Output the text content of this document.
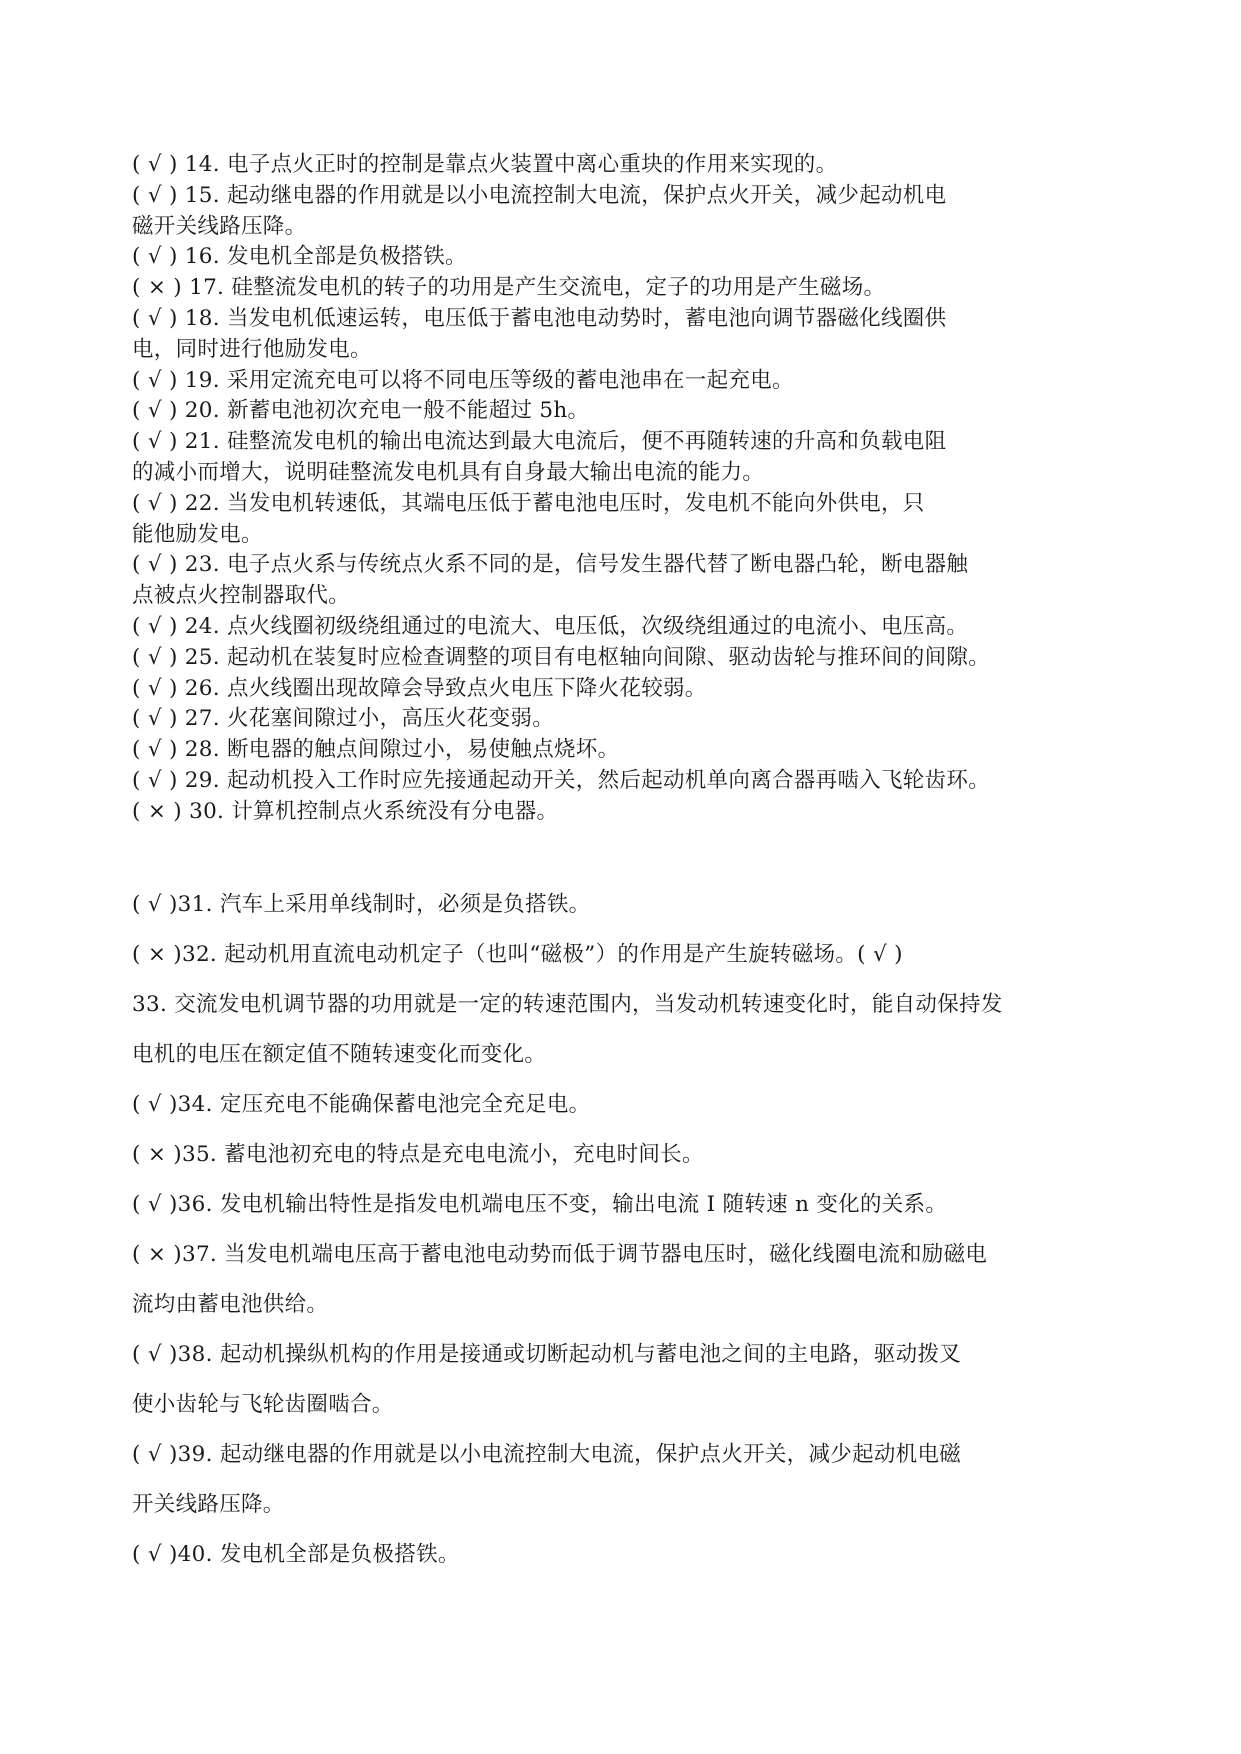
( √ ) 14. 电子点火正时的控制是靠点火装置中离心重块的作用来实现的。
( √ ) 15. 起动继电器的作用就是以小电流控制大电流，保护点火开关，减少起动机电
磁开关线路压降。
( √ ) 16. 发电机全部是负极搭铁。
( × ) 17. 硅整流发电机的转子的功用是产生交流电，定子的功用是产生磁场。
( √ ) 18. 当发电机低速运转，电压低于蓄电池电动势时，蓄电池向调节器磁化线圈供
电，同时进行他励发电。
( √ ) 19. 采用定流充电可以将不同电压等级的蓄电池串在一起充电。
( √ ) 20. 新蓄电池初次充电一般不能超过 5h。
( √ ) 21. 硅整流发电机的输出电流达到最大电流后，便不再随转速的升高和负载电阻
的减小而增大，说明硅整流发电机具有自身最大输出电流的能力。
( √ ) 22. 当发电机转速低，其端电压低于蓄电池电压时，发电机不能向外供电，只
能他励发电。
( √ ) 23. 电子点火系与传统点火系不同的是，信号发生器代替了断电器凸轮，断电器触
点被点火控制器取代。
( √ ) 24. 点火线圈初级绕组通过的电流大、电压低，次级绕组通过的电流小、电压高。
( √ ) 25. 起动机在装复时应检查调整的项目有电枢轴向间隙、驱动齿轮与推环间的间隙。
( √ ) 26. 点火线圈出现故障会导致点火电压下降火花较弱。
( √ ) 27. 火花塞间隙过小，高压火花变弱。
( √ ) 28. 断电器的触点间隙过小，易使触点烧坏。
( √ ) 29. 起动机投入工作时应先接通起动开关，然后起动机单向离合器再啮入飞轮齿环。
( × ) 30. 计算机控制点火系统没有分电器。
( √ )31. 汽车上采用单线制时，必须是负搭铁。
( × )32. 起动机用直流电动机定子（也叫“磁极”）的作用是产生旋转磁场。( √ )
33. 交流发电机调节器的功用就是一定的转速范围内，当发动机转速变化时，能自动保持发
电机的电压在额定值不随转速变化而变化。
( √ )34. 定压充电不能确保蓄电池完全充足电。
( × )35. 蓄电池初充电的特点是充电电流小，充电时间长。
( √ )36. 发电机输出特性是指发电机端电压不变，输出电流 I 随转速 n 变化的关系。
( × )37. 当发电机端电压高于蓄电池电动势而低于调节器电压时，磁化线圈电流和励磁电
流均由蓄电池供给。
( √ )38. 起动机操纵机构的作用是接通或切断起动机与蓄电池之间的主电路，驱动拨叉
使小齿轮与飞轮齿圈啮合。
( √ )39. 起动继电器的作用就是以小电流控制大电流，保护点火开关，减少起动机电磁
开关线路压降。
( √ )40. 发电机全部是负极搭铁。
